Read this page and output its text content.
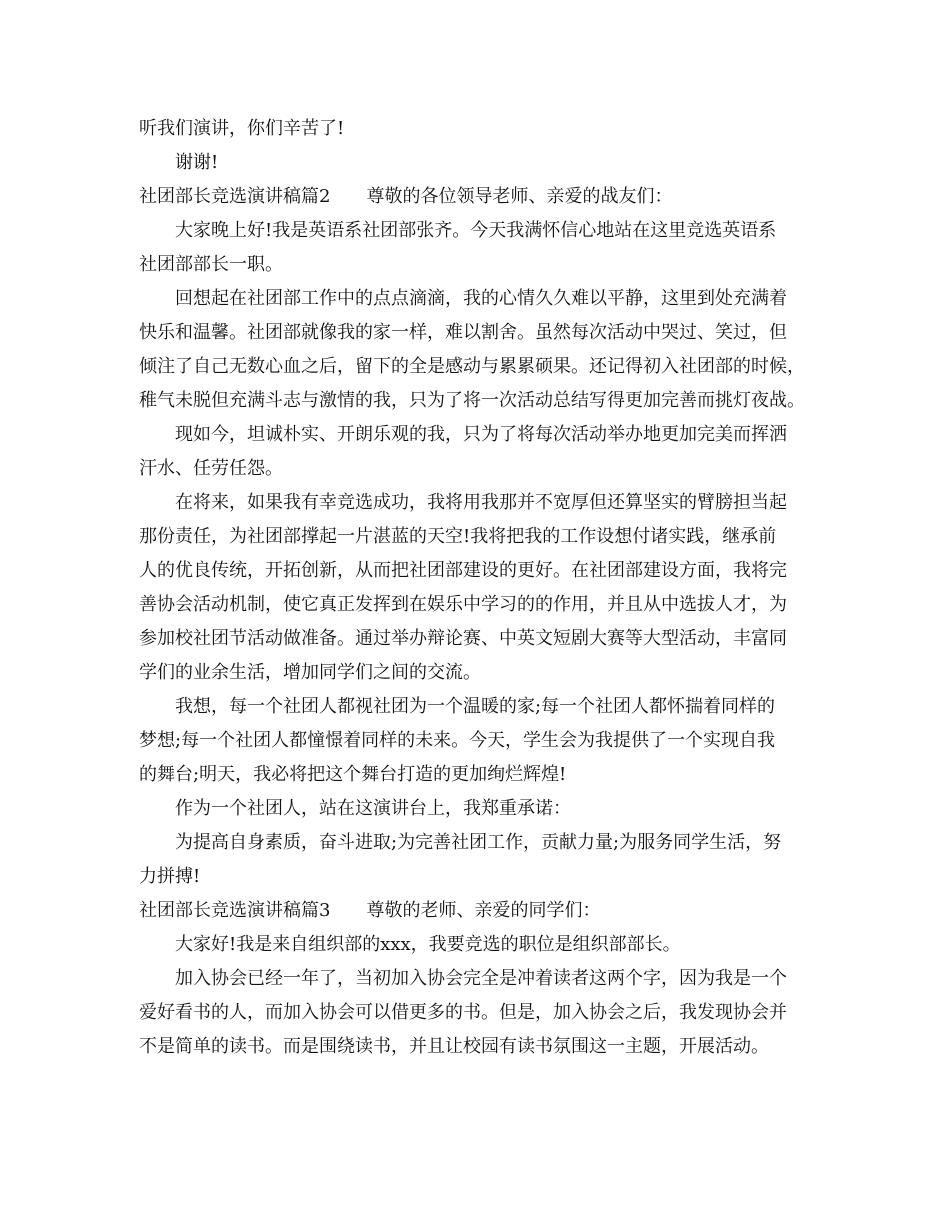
听我们演讲，你们辛苦了!
谢谢!
社团部长竞选演讲稿篇2 尊敬的各位领导老师、亲爱的战友们：
大家晚上好!我是英语系社团部张齐。今天我满怀信心地站在这里竞选英语系
社团部部长一职。
回想起在社团部工作中的点点滴滴，我的心情久久难以平静，这里到处充满着
快乐和温馨。社团部就像我的家一样，难以割舍。虽然每次活动中哭过、笑过，但
倾注了自己无数心血之后，留下的全是感动与累累硕果。还记得初入社团部的时候，
稚气未脱但充满斗志与激情的我，只为了将一次活动总结写得更加完善而挑灯夜战。
现如今，坦诚朴实、开朗乐观的我，只为了将每次活动举办地更加完美而挥洒
汗水、任劳任怨。
在将来，如果我有幸竞选成功，我将用我那并不宽厚但还算坚实的臂膀担当起
那份责任，为社团部撑起一片湛蓝的天空!我将把我的工作设想付诸实践，继承前
人的优良传统，开拓创新，从而把社团部建设的更好。在社团部建设方面，我将完
善协会活动机制，使它真正发挥到在娱乐中学习的的作用，并且从中选拔人才，为
参加校社团节活动做准备。通过举办辩论赛、中英文短剧大赛等大型活动，丰富同
学们的业余生活，增加同学们之间的交流。
我想，每一个社团人都视社团为一个温暖的家;每一个社团人都怀揣着同样的
梦想;每一个社团人都憧憬着同样的未来。今天，学生会为我提供了一个实现自我
的舞台;明天，我必将把这个舞台打造的更加绚烂辉煌!
作为一个社团人，站在这演讲台上，我郑重承诺：
为提高自身素质，奋斗进取;为完善社团工作，贡献力量;为服务同学生活，努
力拼搏!
社团部长竞选演讲稿篇3 尊敬的老师、亲爱的同学们：
大家好!我是来自组织部的xxx，我要竞选的职位是组织部部长。
加入协会已经一年了，当初加入协会完全是冲着读者这两个字，因为我是一个
爱好看书的人，而加入协会可以借更多的书。但是，加入协会之后，我发现协会并
不是简单的读书。而是围绕读书，并且让校园有读书氛围这一主题，开展活动。
